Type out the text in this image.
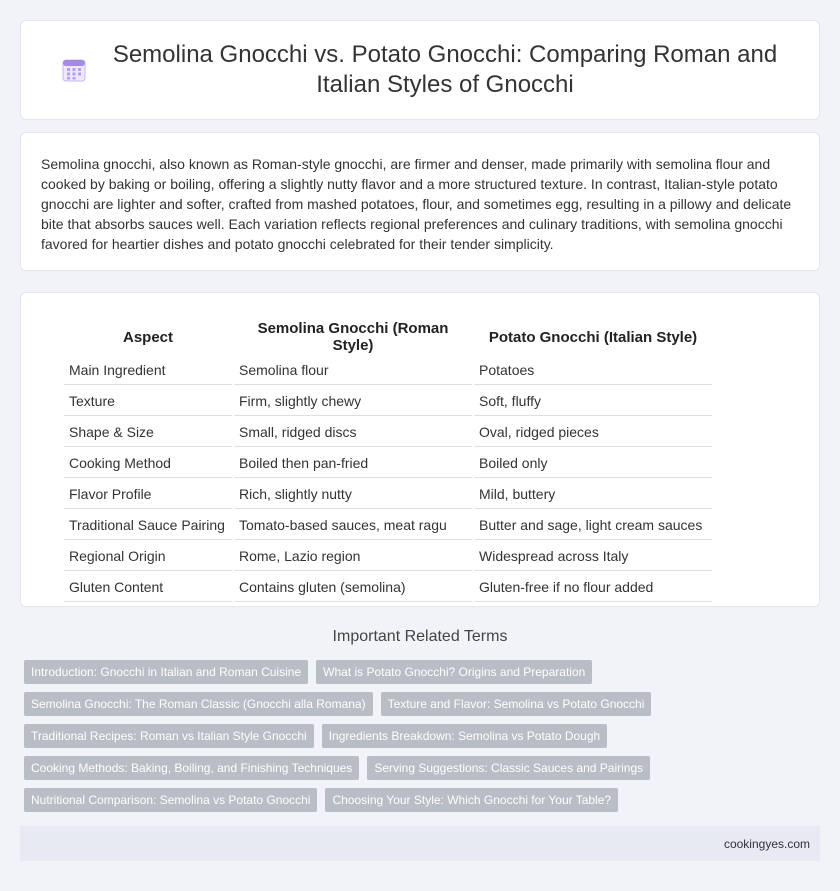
Semolina Gnocchi vs. Potato Gnocchi: Comparing Roman and Italian Styles of Gnocchi

Semolina gnocchi, also known as Roman-style gnocchi, are firmer and denser, made primarily with semolina flour and cooked by baking or boiling, offering a slightly nutty flavor and a more structured texture. In contrast, Italian-style potato gnocchi are lighter and softer, crafted from mashed potatoes, flour, and sometimes egg, resulting in a pillowy and delicate bite that absorbs sauces well. Each variation reflects regional preferences and culinary traditions, with semolina gnocchi favored for heartier dishes and potato gnocchi celebrated for their tender simplicity.

Aspect	Semolina Gnocchi (Roman Style)	Potato Gnocchi (Italian Style)
Main Ingredient	Semolina flour	Potatoes
Texture	Firm, slightly chewy	Soft, fluffy
Shape & Size	Small, ridged discs	Oval, ridged pieces
Cooking Method	Boiled then pan-fried	Boiled only
Flavor Profile	Rich, slightly nutty	Mild, buttery
Traditional Sauce Pairing	Tomato-based sauces, meat ragu	Butter and sage, light cream sauces
Regional Origin	Rome, Lazio region	Widespread across Italy
Gluten Content	Contains gluten (semolina)	Gluten-free if no flour added
Important Related Terms
Introduction: Gnocchi in Italian and Roman Cuisine	What is Potato Gnocchi? Origins and Preparation
Semolina Gnocchi: The Roman Classic (Gnocchi alla Romana)	Texture and Flavor: Semolina vs Potato Gnocchi
Traditional Recipes: Roman vs Italian Style Gnocchi	Ingredients Breakdown: Semolina vs Potato Dough
Cooking Methods: Baking, Boiling, and Finishing Techniques	Serving Suggestions: Classic Sauces and Pairings
Nutritional Comparison: Semolina vs Potato Gnocchi	Choosing Your Style: Which Gnocchi for Your Table?
cookingyes.com
